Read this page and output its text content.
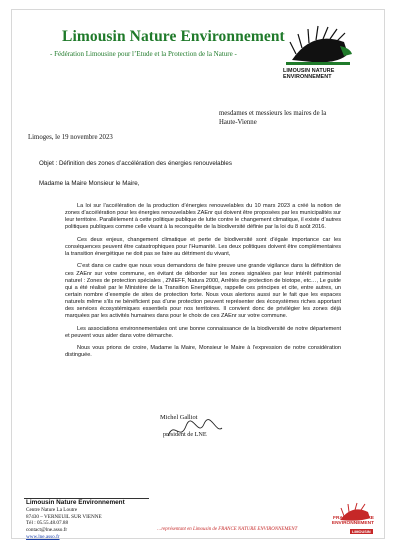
Limousin Nature Environnement
- Fédération Limousine pour l’Etude et la Protection de la Nature -
LIMOUSIN NATURE
ENVIRONNEMENT
mesdames et messieurs les maires de la
Haute-Vienne
Limoges, le 19 novembre 2023
Objet : Définition des zones d’accélération des énergies renouvelables
Madame la Maire Monsieur le Maire,

La loi sur l’accélération de la production d’énergies renouvelables du 10 mars 2023 a créé la notion de zones d’accélération pour les énergies renouvelables ZAEnr qui doivent être proposées par les municipalités sur leur territoire. Parallèlement à cette politique publique de lutte contre le changement climatique, il existe d’autres politiques publiques comme celle visant à la reconquête de la biodiversité définie par la loi du 8 août 2016.

Ces deux enjeux, changement climatique et perte de biodiversité sont d’égale importance car les conséquences peuvent être catastrophiques pour l’Humanité. Les deux politiques doivent être complémentaires la transition énergétique ne doit pas se faire au détriment du vivant,

C’est dans ce cadre que nous vous demandons de faire preuve une grande vigilance dans la définition de ces ZAEnr sur votre commune, en évitant de déborder sur les zones signalées par leur intérêt patrimonial naturel : Zones de protection spéciales , ZNIEFF, Natura 2000, Arrêtés de protection de biotope, etc…, Le guide qui a été réalisé par le Ministère de la Transition Energétique, rappelle ces principes et cite, entre autres, un certain nombre d’exemple de sites de protection forte. Nous vous alertons aussi sur le fait que les espaces naturels même s’ils ne bénéficient pas d’une protection peuvent représenter des écosystèmes riches apportant des services écosystémiques essentiels pour nos territoires. Il convient donc de privilégier les zones déjà marquées par les activités humaines dans pour le choix de ces ZAEnr sur votre commune.

Les associations environnementales ont une bonne connaissance de la biodiversité de notre département et peuvent vous aider dans votre démarche.

Nous vous prions de croire, Madame la Maire, Monsieur le Maire à l’expression de notre considération distinguée.

Michel Galliot
président de LNE
Limousin Nature Environnement
Centre Nature La Loutre
87430 – VERNEUIL SUR VIENNE
Tél : 05.55.48.07.88
contact@lne.asso.fr
www.lne.asso.fr
…représentant en Limousin de FRANCE NATURE ENVIRONNEMENT
FRANCE NATURE
ENVIRONNEMENT
LIMOUSIN
